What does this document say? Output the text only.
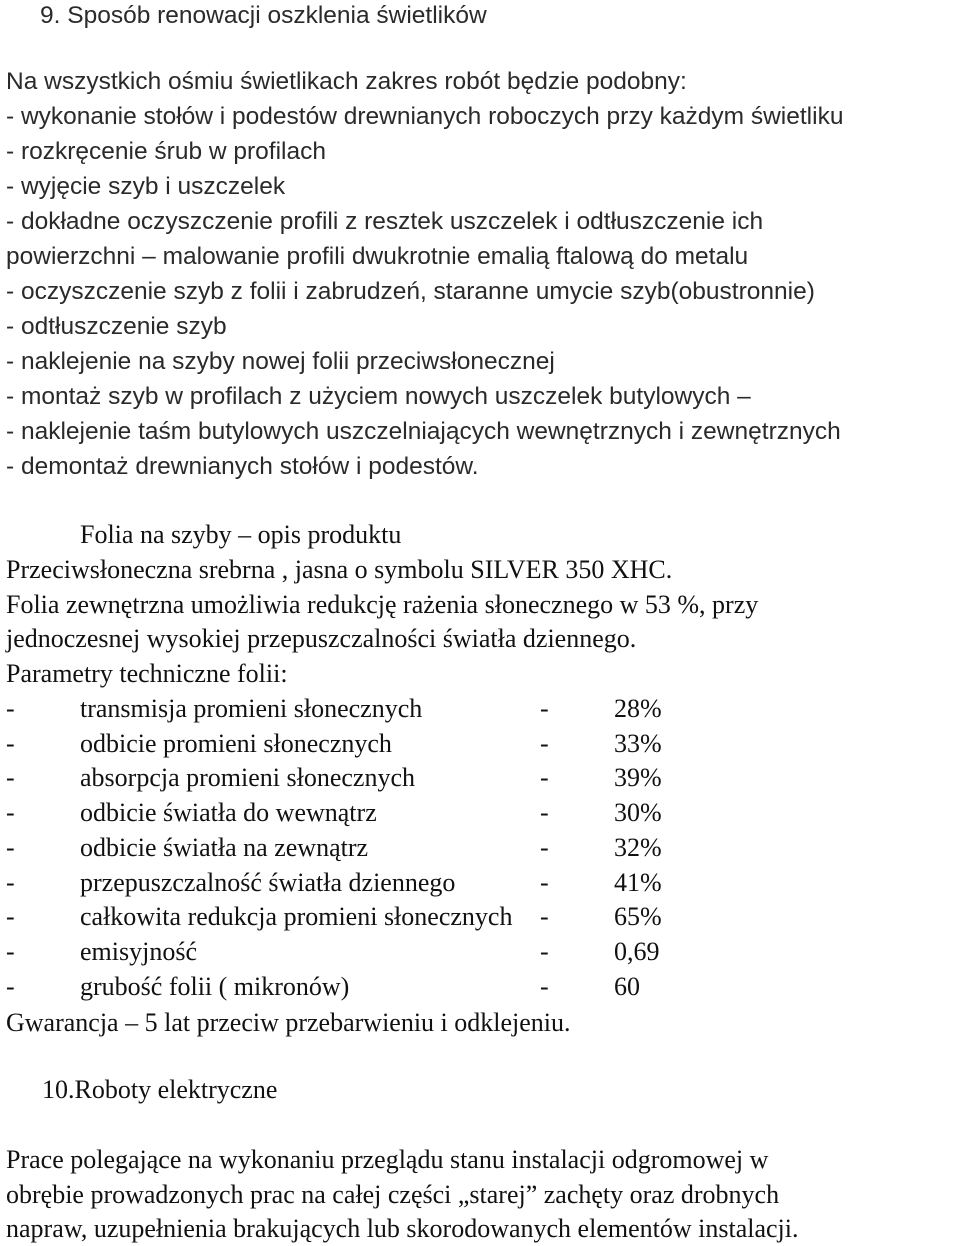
9. Sposób renowacji oszklenia świetlików
Na wszystkich ośmiu świetlikach zakres robót będzie podobny:
- wykonanie stołów i podestów drewnianych roboczych przy każdym świetliku
- rozkręcenie śrub w profilach
- wyjęcie szyb i uszczelek
- dokładne oczyszczenie profili z resztek uszczelek i odtłuszczenie ich
powierzchni – malowanie profili dwukrotnie emalią ftalową do metalu
- oczyszczenie szyb z folii i zabrudzeń, staranne umycie szyb(obustronnie)
- odtłuszczenie szyb
- naklejenie na szyby nowej folii przeciwsłonecznej
- montaż szyb w profilach z użyciem nowych uszczelek butylowych –
- naklejenie taśm butylowych uszczelniających wewnętrznych i zewnętrznych
- demontaż drewnianych stołów i podestów.
Folia na szyby – opis produktu
Przeciwsłoneczna srebrna , jasna o symbolu SILVER 350 XHC.
Folia zewnętrzna umożliwia redukcję rażenia słonecznego w 53 %, przy
jednoczesnej wysokiej przepuszczalności światła dziennego.
Parametry techniczne folii:
-	transmisja promieni słonecznych	-	28%
-	odbicie promieni słonecznych	-	33%
-	absorpcja promieni słonecznych	-	39%
-	odbicie światła do wewnątrz	-	30%
-	odbicie światła na zewnątrz	-	32%
-	przepuszczalność światła dziennego	-	41%
-	całkowita redukcja promieni słonecznych -	65%
-	emisyjność	-	0,69
-	grubość folii ( mikronów)	-	60
Gwarancja – 5 lat przeciw przebarwieniu i odklejeniu.
10.Roboty elektryczne
Prace polegające na wykonaniu przeglądu stanu instalacji odgromowej w
obrębie prowadzonych prac na całej części „starej” zachęty oraz drobnych
napraw, uzupełnienia brakujących lub skorodowanych elementów instalacji.
